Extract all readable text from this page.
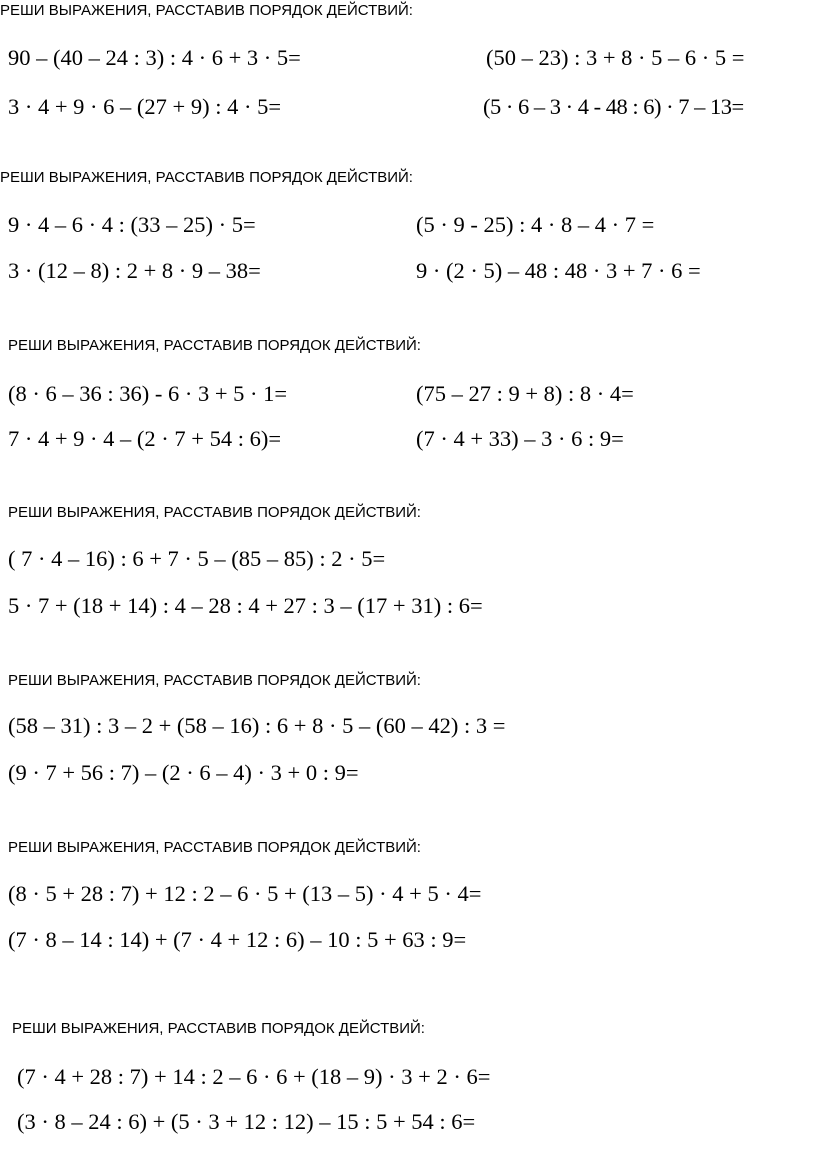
РЕШИ ВЫРАЖЕНИЯ, РАССТАВИВ ПОРЯДОК ДЕЙСТВИЙ:
90 – (40 – 24 : 3) : 4 · 6 + 3 · 5=	(50 – 23) : 3 + 8 · 5 – 6 · 5 =
3 · 4 + 9 · 6 – (27 + 9) : 4 · 5=	(5 · 6 – 3 · 4 - 48 : 6) · 7 – 13=
РЕШИ ВЫРАЖЕНИЯ, РАССТАВИВ ПОРЯДОК ДЕЙСТВИЙ:
9 · 4 – 6 · 4 : (33 – 25) · 5=	(5 · 9 - 25) : 4 · 8 – 4 · 7 =
3 · (12 – 8) : 2 + 8 · 9 – 38=	9 · (2 · 5) – 48 : 48 · 3 + 7 · 6 =
РЕШИ ВЫРАЖЕНИЯ, РАССТАВИВ ПОРЯДОК ДЕЙСТВИЙ:
(8 · 6 – 36 : 36) - 6 · 3 + 5 · 1=	(75 – 27 : 9 + 8) : 8 · 4=
7 · 4 + 9 · 4 – (2 · 7 + 54 : 6)=	(7 · 4 + 33) – 3 · 6 : 9=
РЕШИ ВЫРАЖЕНИЯ, РАССТАВИВ ПОРЯДОК ДЕЙСТВИЙ:
( 7 · 4 – 16) : 6 + 7 · 5 – (85 – 85) : 2 · 5=
5 · 7 + (18 + 14) : 4 – 28 : 4 + 27 : 3 – (17 + 31) : 6=
РЕШИ ВЫРАЖЕНИЯ, РАССТАВИВ ПОРЯДОК ДЕЙСТВИЙ:
(58 – 31) : 3 – 2 + (58 – 16) : 6 + 8 · 5 – (60 – 42) : 3 =
(9 · 7 + 56 : 7) – (2 · 6 – 4) · 3 + 0 : 9=
РЕШИ ВЫРАЖЕНИЯ, РАССТАВИВ ПОРЯДОК ДЕЙСТВИЙ:
(8 · 5 + 28 : 7) + 12 : 2 – 6 · 5 + (13 – 5) · 4 + 5 · 4=
(7 · 8 – 14 : 14) + (7 · 4 + 12 : 6) – 10 : 5 + 63 : 9=
РЕШИ ВЫРАЖЕНИЯ, РАССТАВИВ ПОРЯДОК ДЕЙСТВИЙ:
(7 · 4 + 28 : 7) + 14 : 2 – 6 · 6 + (18 – 9) · 3 + 2 · 6=
(3 · 8 – 24 : 6) + (5 · 3 + 12 : 12) – 15 : 5 + 54 : 6=
